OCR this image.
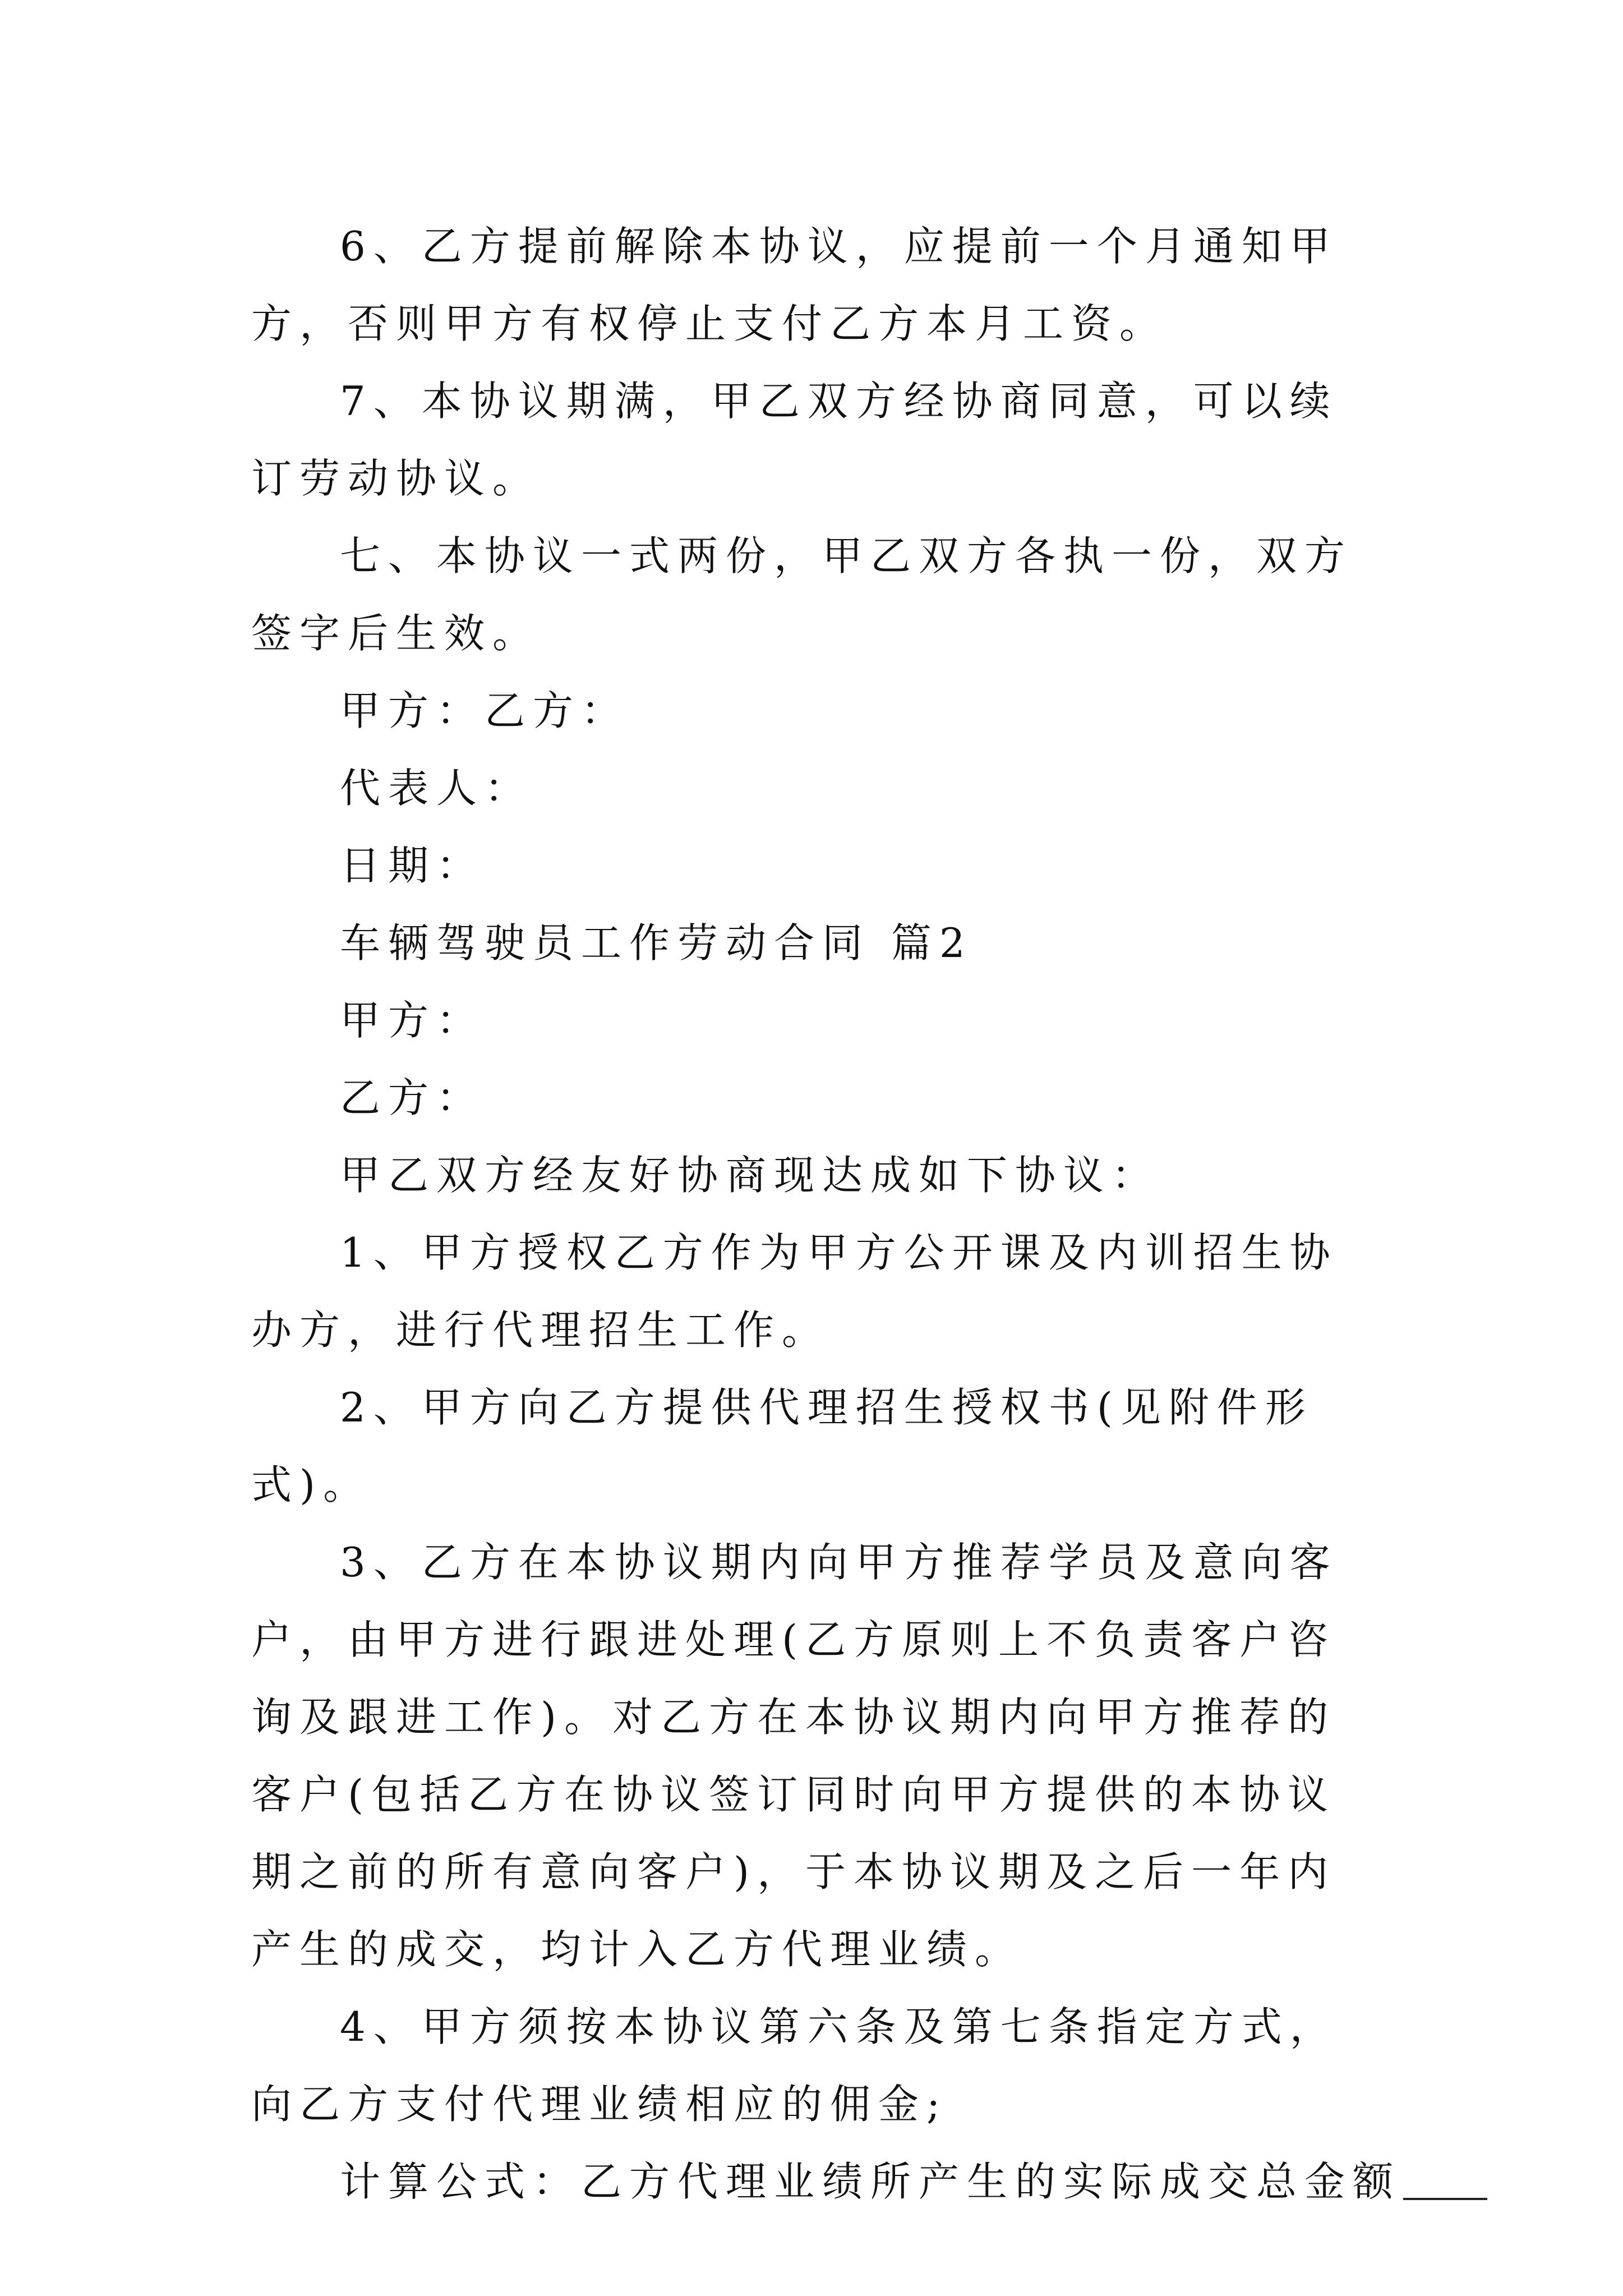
6、乙方提前解除本协议，应提前一个月通知甲方，否则甲方有权停止支付乙方本月工资。

7、本协议期满，甲乙双方经协商同意，可以续订劳动协议。

七、本协议一式两份，甲乙双方各执一份，双方签字后生效。

甲方：乙方：

代表人：

日期：

车辆驾驶员工作劳动合同 篇2

甲方：

乙方：

甲乙双方经友好协商现达成如下协议：

1、甲方授权乙方作为甲方公开课及内训招生协办方，进行代理招生工作。

2、甲方向乙方提供代理招生授权书(见附件形式)。

3、乙方在本协议期内向甲方推荐学员及意向客户，由甲方进行跟进处理(乙方原则上不负责客户咨询及跟进工作)。对乙方在本协议期内向甲方推荐的客户(包括乙方在协议签订同时向甲方提供的本协议期之前的所有意向客户)，于本协议期及之后一年内产生的成交，均计入乙方代理业绩。

4、甲方须按本协议第六条及第七条指定方式，向乙方支付代理业绩相应的佣金;

计算公式：乙方代理业绩所产生的实际成交总金额
